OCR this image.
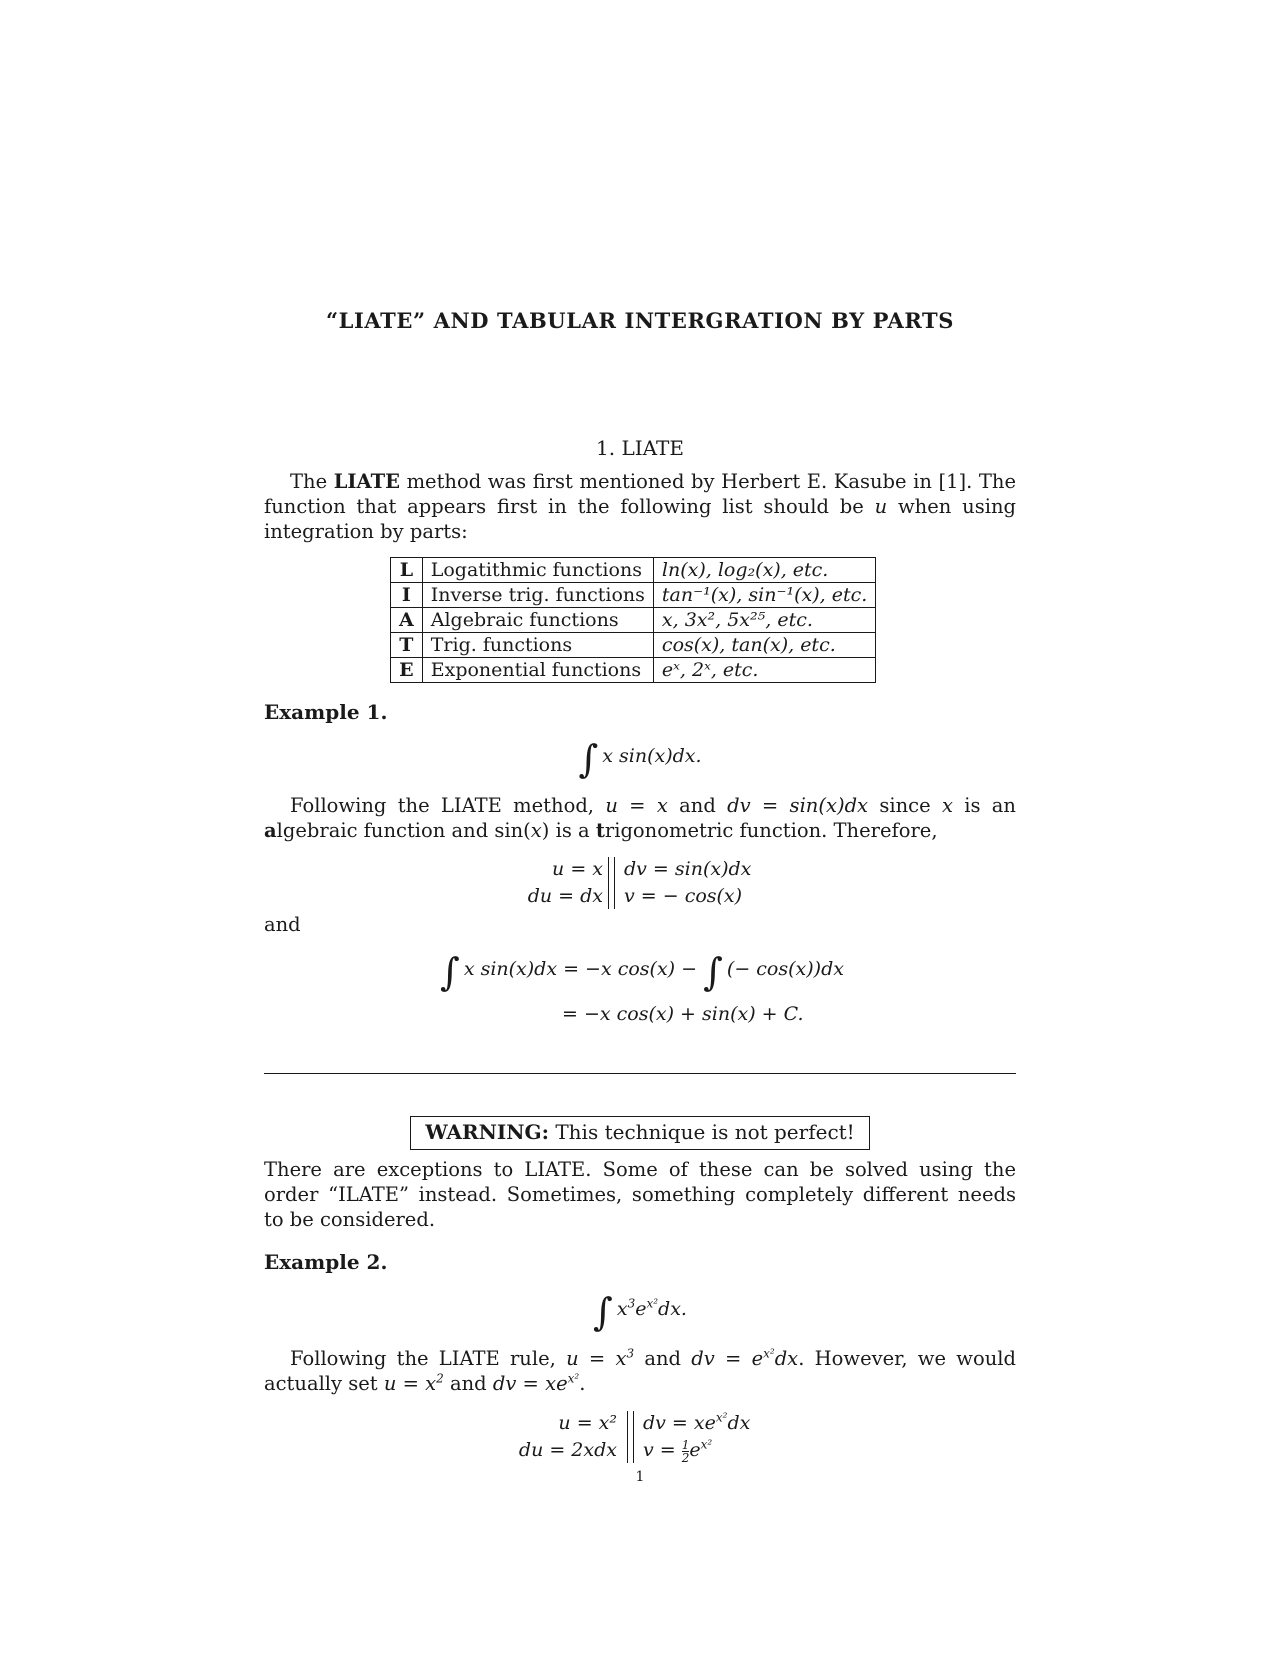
“LIATE” AND TABULAR INTERGRATION BY PARTS
1. LIATE
The LIATE method was first mentioned by Herbert E. Kasube in [1]. The function that appears first in the following list should be u when using integration by parts:
L	Logatithmic functions	ln(x), log₂(x), etc.
I	Inverse trig. functions	tan⁻¹(x), sin⁻¹(x), etc.
A	Algebraic functions	x, 3x², 5x²⁵, etc.
T	Trig. functions	cos(x), tan(x), etc.
E	Exponential functions	eˣ, 2ˣ, etc.
Example 1.
∫ x sin(x)dx.
Following the LIATE method, u = x and dv = sin(x)dx since x is an algebraic function and sin(x) is a trigonometric function. Therefore,
u = x
du = dx
dv = sin(x)dx
v = − cos(x)
and
∫ x sin(x)dx = −x cos(x) − ∫ (− cos(x))dx
= −x cos(x) + sin(x) + C.
WARNING: This technique is not perfect!
There are exceptions to LIATE. Some of these can be solved using the order “ILATE” instead. Sometimes, something completely different needs to be considered.
Example 2.
∫ $x^3e^{x^2}dx$.
Following the LIATE rule, $u = x^3$ and dv = $e^{x^2}dx$. However, we would actually set $u = x^2$ and dv = $xe^{x^2}$.
u = x²
du = 2xdx
dv = $xe^{x^2}dx$
$v = \frac{1}{2} e^{x^2}$
1
